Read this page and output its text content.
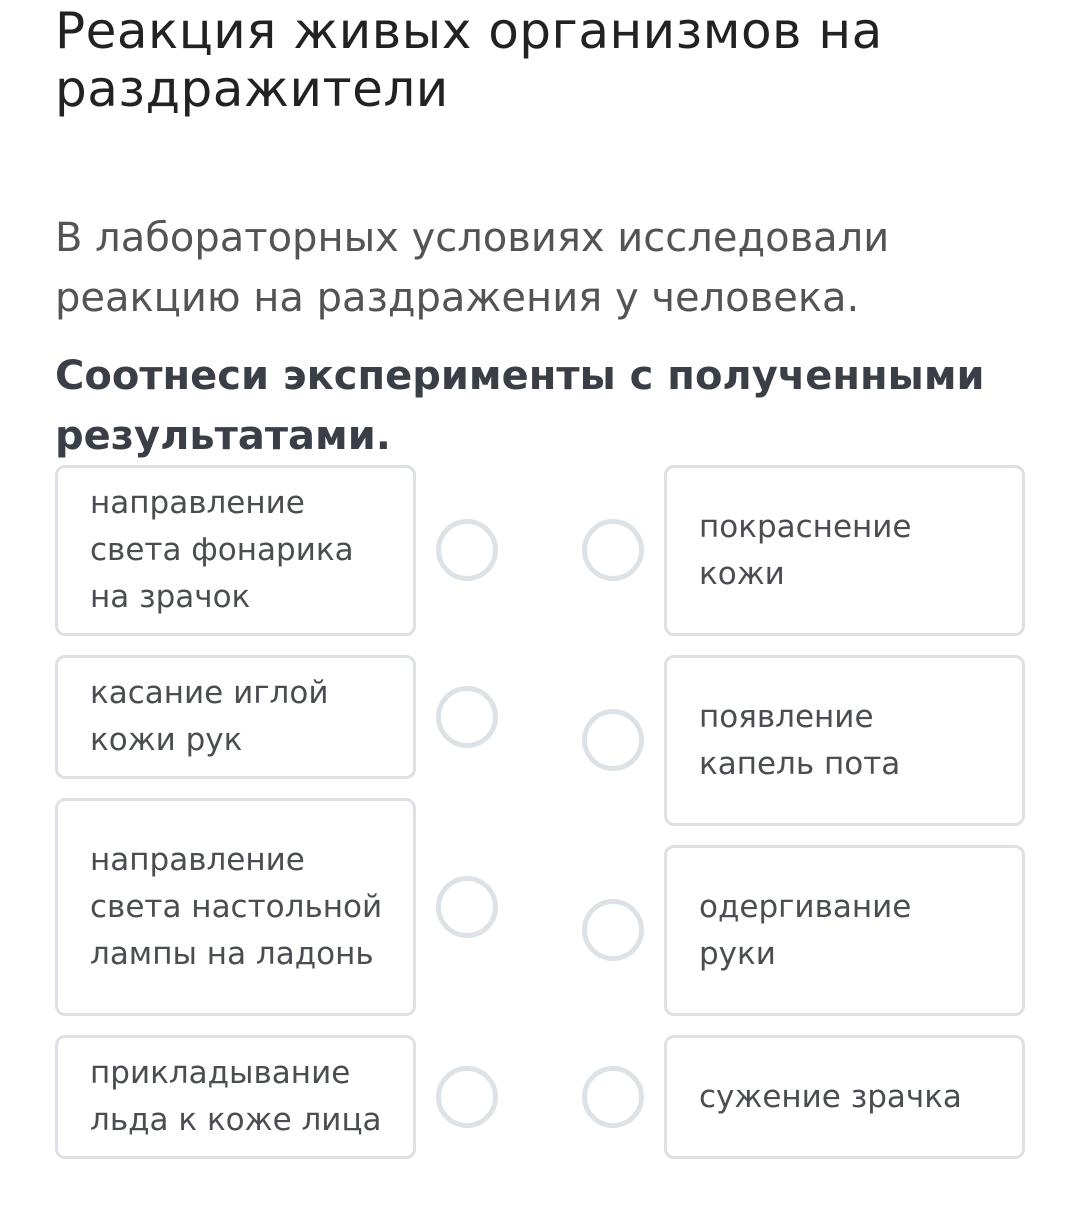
Реакция живых организмов на раздражители

В лабораторных условиях исследовали реакцию на раздражения у человека.

Соотнеси эксперименты с полученными результатами.

направление света фонарика на зрачок
касание иглой кожи рук
направление света настольной лампы на ладонь
прикладывание льда к коже лица
покраснение кожи
появление капель пота
одергивание руки
сужение зрачка
